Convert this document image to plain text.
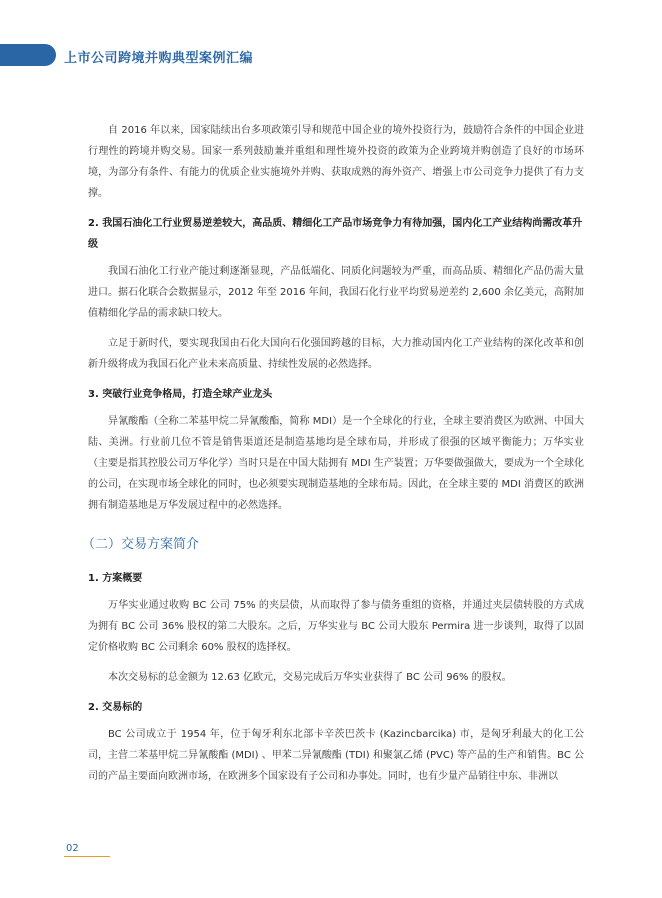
上市公司跨境并购典型案例汇编

自 2016 年以来，国家陆续出台多项政策引导和规范中国企业的境外投资行为，鼓励符合条件的中国企业进行理性的跨境并购交易。国家一系列鼓励兼并重组和理性境外投资的政策为企业跨境并购创造了良好的市场环境，为部分有条件、有能力的优质企业实施境外并购、获取成熟的海外资产、增强上市公司竞争力提供了有力支撑。

2. 我国石油化工行业贸易逆差较大，高品质、精细化工产品市场竞争力有待加强，国内化工产业结构尚需改革升级

我国石油化工行业产能过剩逐渐显现，产品低端化、同质化问题较为严重，而高品质、精细化产品仍需大量进口。据石化联合会数据显示，2012 年至 2016 年间，我国石化行业平均贸易逆差约 2,600 余亿美元，高附加值精细化学品的需求缺口较大。

立足于新时代，要实现我国由石化大国向石化强国跨越的目标，大力推动国内化工产业结构的深化改革和创新升级将成为我国石化产业未来高质量、持续性发展的必然选择。

3. 突破行业竞争格局，打造全球产业龙头

异氰酸酯（全称二苯基甲烷二异氰酸酯，简称 MDI）是一个全球化的行业，全球主要消费区为欧洲、中国大陆、美洲。行业前几位不管是销售渠道还是制造基地均是全球布局，并形成了很强的区域平衡能力；万华实业（主要是指其控股公司万华化学）当时只是在中国大陆拥有 MDI 生产装置；万华要做强做大，要成为一个全球化的公司，在实现市场全球化的同时，也必须要实现制造基地的全球布局。因此，在全球主要的 MDI 消费区的欧洲拥有制造基地是万华发展过程中的必然选择。

（二）交易方案简介
1. 方案概要

万华实业通过收购 BC 公司 75% 的夹层债，从而取得了参与债务重组的资格，并通过夹层债转股的方式成为拥有 BC 公司 36% 股权的第二大股东。之后，万华实业与 BC 公司大股东 Permira 进一步谈判，取得了以固定价格收购 BC 公司剩余 60% 股权的选择权。

本次交易标的总金额为 12.63 亿欧元，交易完成后万华实业获得了 BC 公司 96% 的股权。

2. 交易标的

BC 公司成立于 1954 年，位于匈牙利东北部卡辛茨巴茨卡 (Kazincbarcika) 市，是匈牙利最大的化工公司，主营二苯基甲烷二异氰酸酯 (MDI) 、甲苯二异氰酸酯 (TDI) 和聚氯乙烯 (PVC) 等产品的生产和销售。BC 公司的产品主要面向欧洲市场，在欧洲多个国家设有子公司和办事处。同时，也有少量产品销往中东、非洲以

02
